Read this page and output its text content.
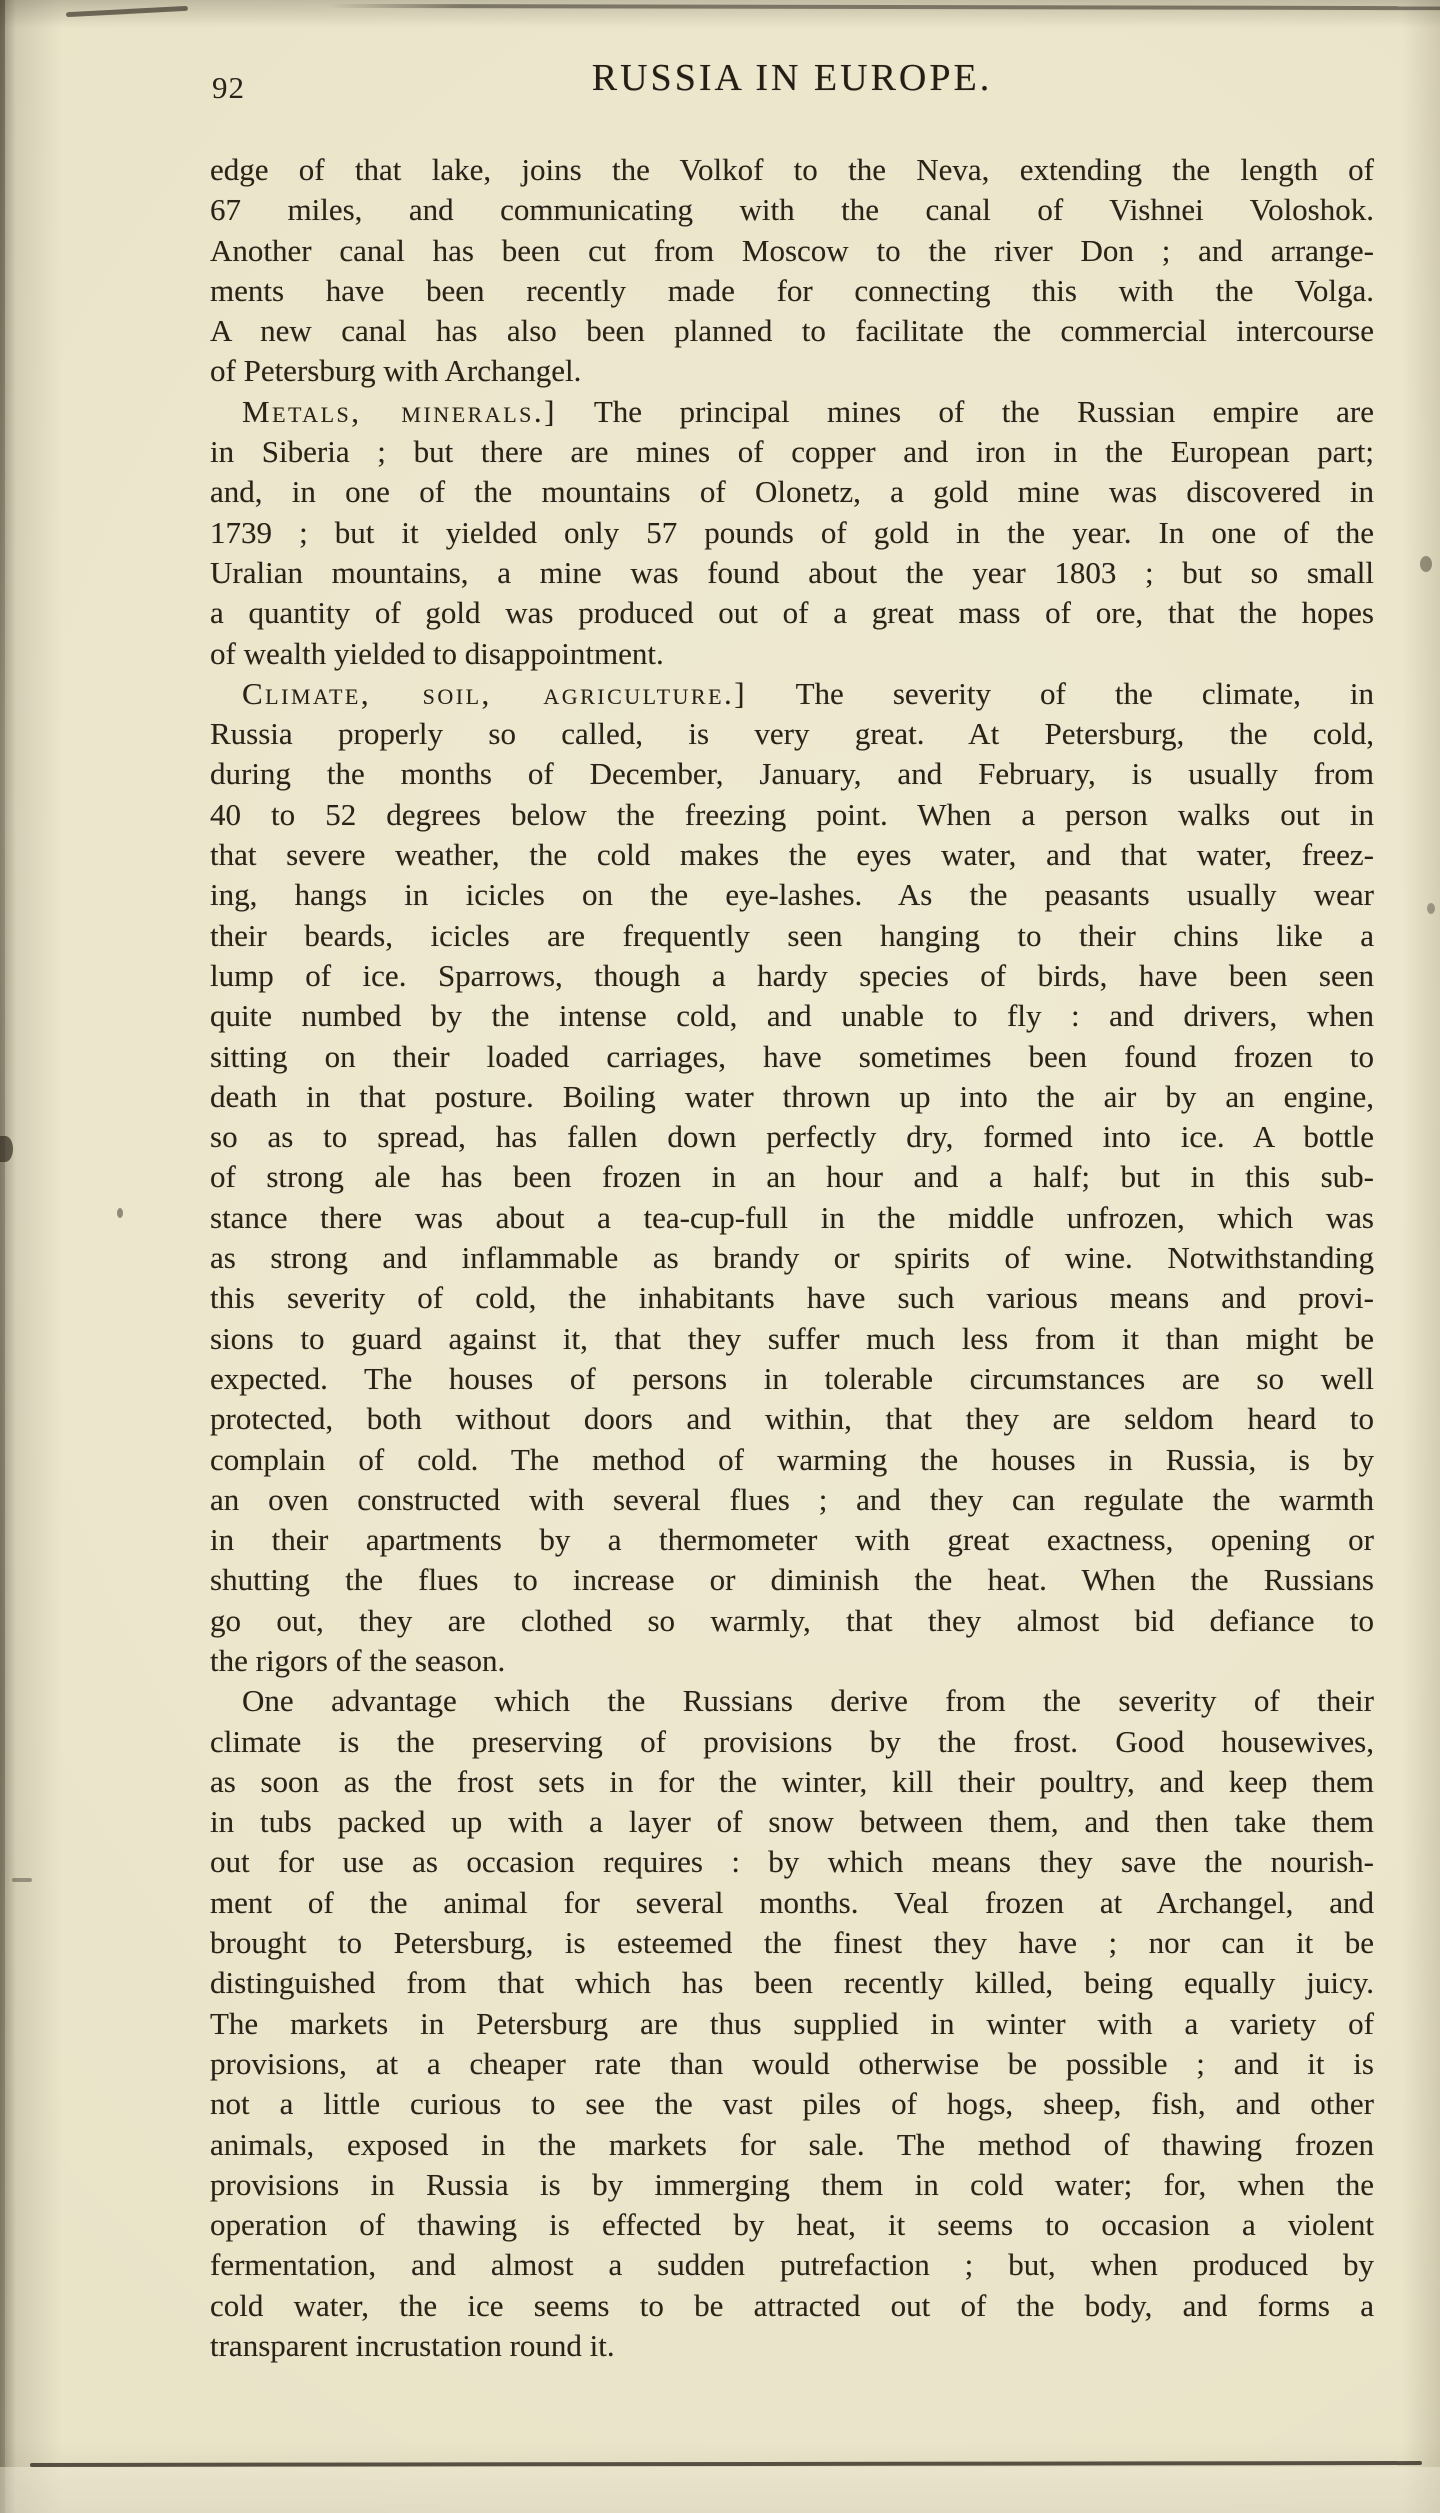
92	RUSSIA IN EUROPE.
edge of that lake, joins the Volkof to the Neva, extending the length of
67 miles, and communicating with the canal of Vishnei Voloshok.
Another canal has been cut from Moscow to the river Don ; and arrange-
ments have been recently made for connecting this with the Volga.
A new canal has also been planned to facilitate the commercial intercourse
of Petersburg with Archangel.
Metals, minerals.] The principal mines of the Russian empire are
in Siberia ; but there are mines of copper and iron in the European part;
and, in one of the mountains of Olonetz, a gold mine was discovered in
1739 ; but it yielded only 57 pounds of gold in the year. In one of the
Uralian mountains, a mine was found about the year 1803 ; but so small
a quantity of gold was produced out of a great mass of ore, that the hopes
of wealth yielded to disappointment.
Climate, soil, agriculture.] The severity of the climate, in
Russia properly so called, is very great. At Petersburg, the cold,
during the months of December, January, and February, is usually from
40 to 52 degrees below the freezing point. When a person walks out in
that severe weather, the cold makes the eyes water, and that water, freez-
ing, hangs in icicles on the eye-lashes. As the peasants usually wear
their beards, icicles are frequently seen hanging to their chins like a
lump of ice. Sparrows, though a hardy species of birds, have been seen
quite numbed by the intense cold, and unable to fly : and drivers, when
sitting on their loaded carriages, have sometimes been found frozen to
death in that posture. Boiling water thrown up into the air by an engine,
so as to spread, has fallen down perfectly dry, formed into ice. A bottle
of strong ale has been frozen in an hour and a half; but in this sub-
stance there was about a tea-cup-full in the middle unfrozen, which was
as strong and inflammable as brandy or spirits of wine. Notwithstanding
this severity of cold, the inhabitants have such various means and provi-
sions to guard against it, that they suffer much less from it than might be
expected. The houses of persons in tolerable circumstances are so well
protected, both without doors and within, that they are seldom heard to
complain of cold. The method of warming the houses in Russia, is by
an oven constructed with several flues ; and they can regulate the warmth
in their apartments by a thermometer with great exactness, opening or
shutting the flues to increase or diminish the heat. When the Russians
go out, they are clothed so warmly, that they almost bid defiance to
the rigors of the season.
One advantage which the Russians derive from the severity of their
climate is the preserving of provisions by the frost. Good housewives,
as soon as the frost sets in for the winter, kill their poultry, and keep them
in tubs packed up with a layer of snow between them, and then take them
out for use as occasion requires : by which means they save the nourish-
ment of the animal for several months. Veal frozen at Archangel, and
brought to Petersburg, is esteemed the finest they have ; nor can it be
distinguished from that which has been recently killed, being equally juicy.
The markets in Petersburg are thus supplied in winter with a variety of
provisions, at a cheaper rate than would otherwise be possible ; and it is
not a little curious to see the vast piles of hogs, sheep, fish, and other
animals, exposed in the markets for sale. The method of thawing frozen
provisions in Russia is by immerging them in cold water; for, when the
operation of thawing is effected by heat, it seems to occasion a violent
fermentation, and almost a sudden putrefaction ; but, when produced by
cold water, the ice seems to be attracted out of the body, and forms a
transparent incrustation round it.
